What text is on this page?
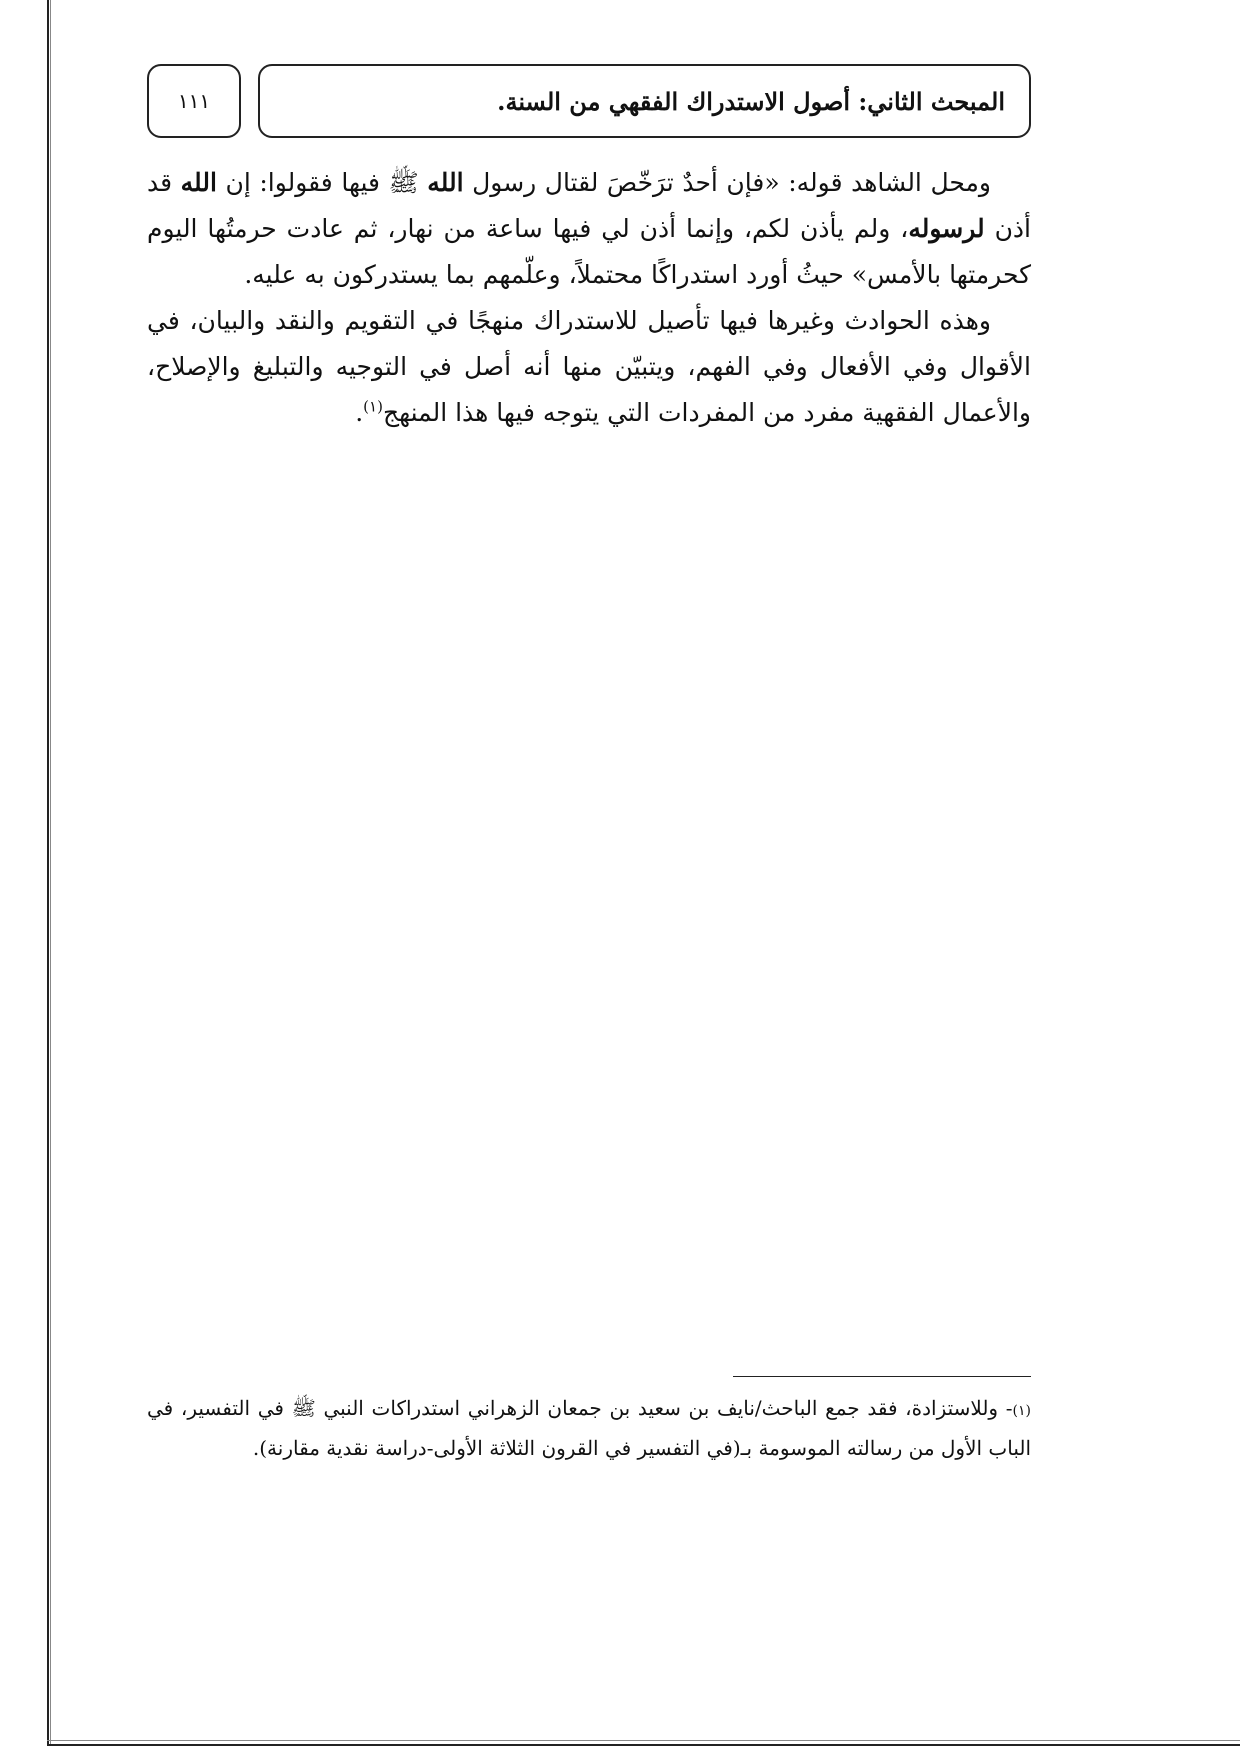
١١١	المبحث الثاني: أصول الاستدراك الفقهي من السنة.

ومحل الشاهد قوله: «فإن أحدٌ ترَخّصَ لقتال رسول الله ﷺ فيها فقولوا: إن الله قد أذن لرسوله، ولم يأذن لكم، وإنما أذن لي فيها ساعة من نهار، ثم عادت حرمتُها اليوم كحرمتها بالأمس» حيثُ أورد استدراكًا محتملاً، وعلّمهم بما يستدركون به عليه.

وهذه الحوادث وغيرها فيها تأصيل للاستدراك منهجًا في التقويم والنقد والبيان، في الأقوال وفي الأفعال وفي الفهم، ويتبيّن منها أنه أصل في التوجيه والتبليغ والإصلاح، والأعمال الفقهية مفرد من المفردات التي يتوجه فيها هذا المنهج$^{(١)}$.

(١)- وللاستزادة، فقد جمع الباحث/نايف بن سعيد بن جمعان الزهراني استدراكات النبي ﷺ في التفسير، في الباب الأول من رسالته الموسومة بـ(في التفسير في القرون الثلاثة الأولى-دراسة نقدية مقارنة).
